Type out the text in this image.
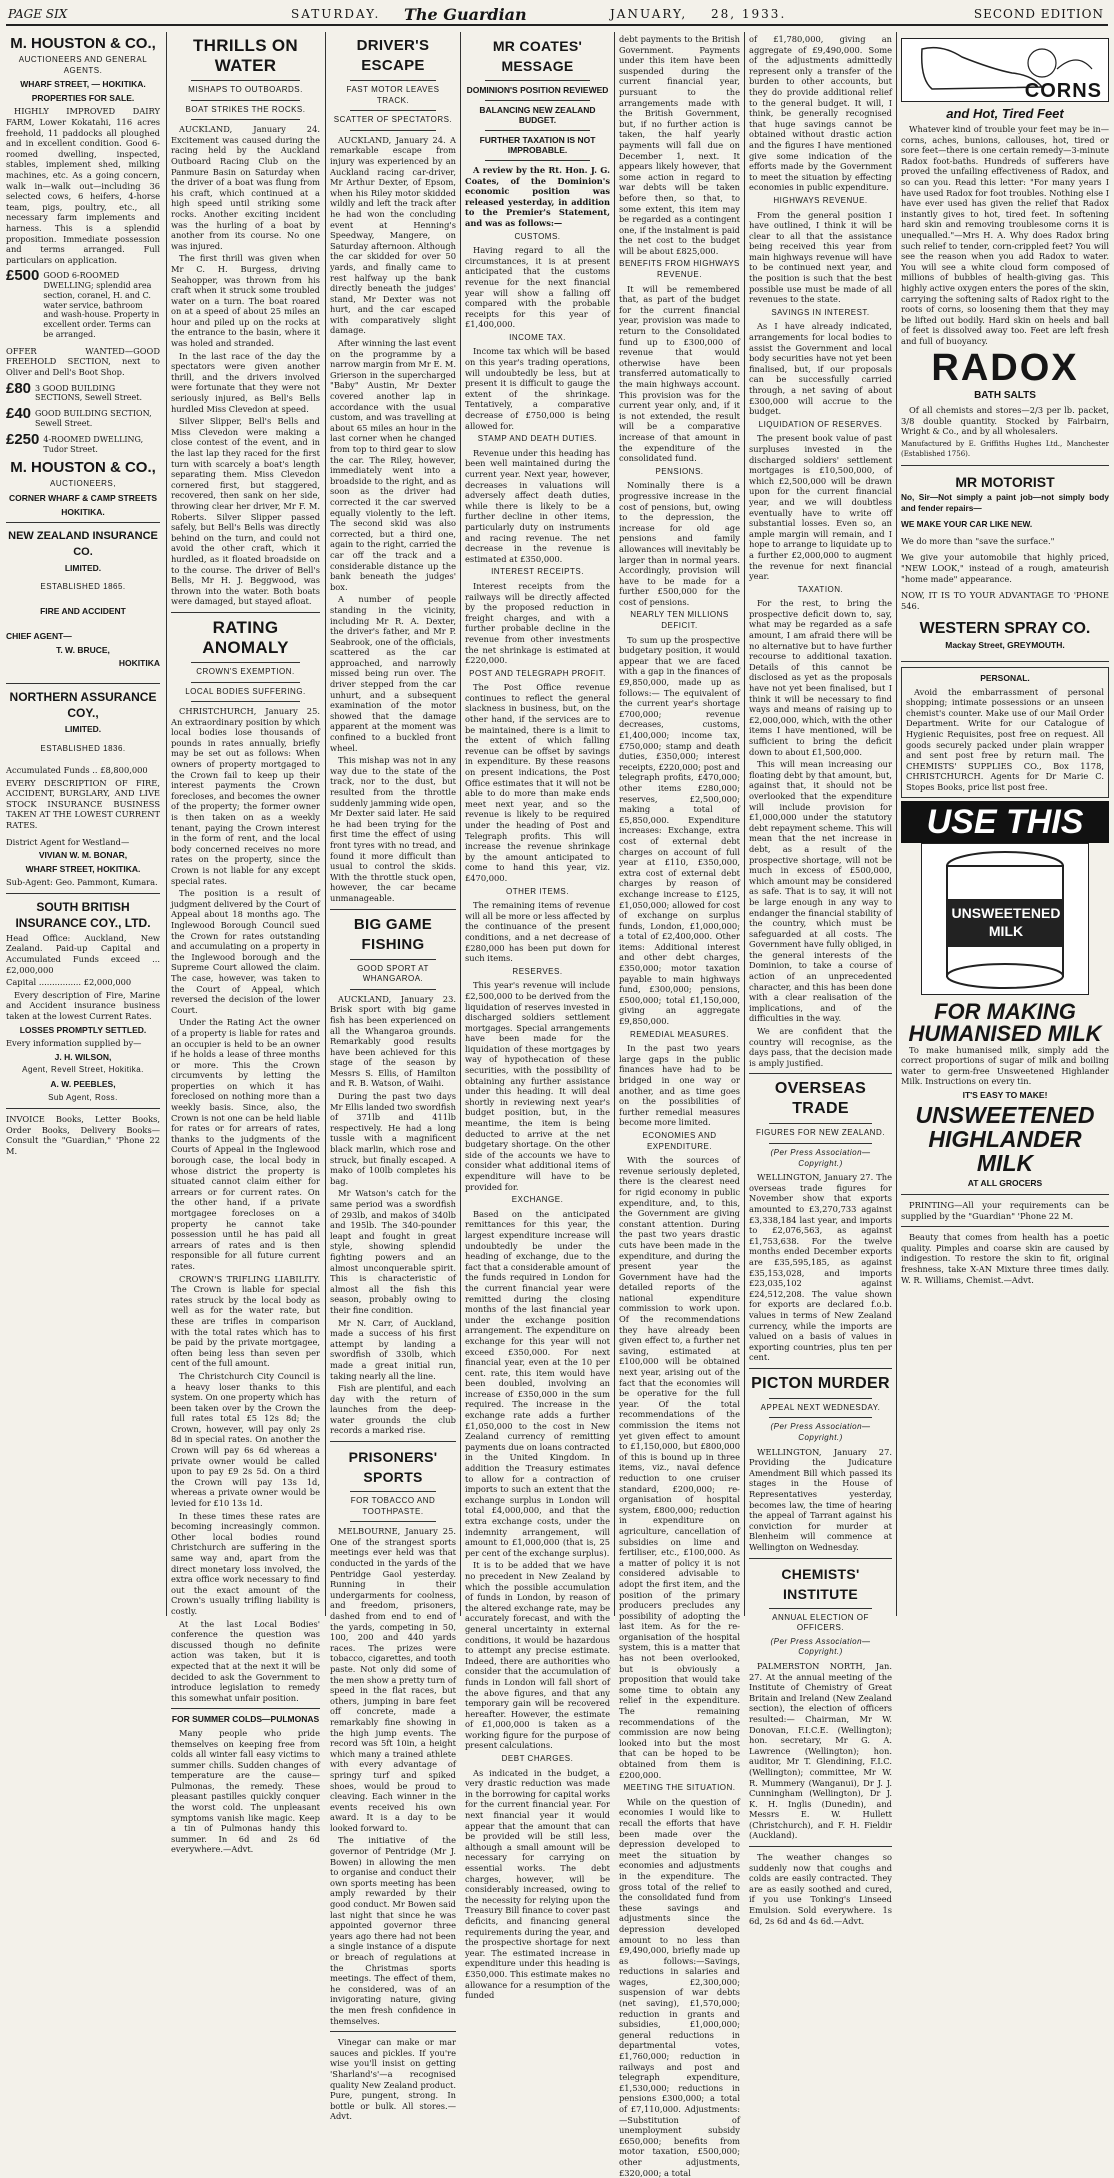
PAGE SIX	SATURDAY. The Guardian	JANUARY, 28, 1933.	SECOND EDITION
M. HOUSTON & CO.,
AUCTIONEERS AND GENERAL AGENTS.
WHARF STREET, — HOKITIKA.
PROPERTIES FOR SALE.

HIGHLY IMPROVED DAIRY FARM, Lower Kokatahi, 116 acres freehold, 11 paddocks all ploughed and in excellent condition. Good 6-roomed dwelling, inspected, stables, implement shed, milking machines, etc. As a going concern, walk in—walk out—including 36 selected cows, 6 heifers, 4-horse team, pigs, poultry, etc., all necessary farm implements and harness. This is a splendid proposition. Immediate possession and terms arranged. Full particulars on application.

£500 GOOD 6-ROOMED DWELLING; splendid area section, coranel, H. and C. water service, bathroom and wash-house. Property in excellent order. Terms can be arranged.

OFFER WANTED—GOOD FREEHOLD SECTION, next to Oliver and Dell's Boot Shop.

£80 3 GOOD BUILDING SECTIONS, Sewell Street.
£40 GOOD BUILDING SECTION, Sewell Street.
£250 4-ROOMED DWELLING, Tudor Street.
M. HOUSTON & CO.,
AUCTIONEERS,
CORNER WHARF & CAMP STREETS
HOKITIKA.
NEW ZEALAND INSURANCE CO.
LIMITED.
ESTABLISHED 1865.
FIRE AND ACCIDENT
CHIEF AGENT—
T. W. BRUCE,
HOKITIKA
NORTHERN ASSURANCE COY.,
LIMITED.
ESTABLISHED 1836.

Accumulated Funds .. £8,800,000

EVERY DESCRIPTION OF FIRE, ACCIDENT, BURGLARY, AND LIVE STOCK INSURANCE BUSINESS TAKEN AT THE LOWEST CURRENT RATES.

District Agent for Westland—

VIVIAN W. M. BONAR,
WHARF STREET, HOKITIKA.

Sub-Agent: Geo. Pammont, Kumara.

SOUTH BRITISH INSURANCE COY., LTD.

Head Office: Auckland, New Zealand. Paid-up Capital and Accumulated Funds exceed ... £2,000,000

Capital ................ £2,000,000

Every description of Fire, Marine and Accident insurance business taken at the lowest Current Rates.

LOSSES PROMPTLY SETTLED.

Every information supplied by—

J. H. WILSON,
Agent, Revell Street, Hokitika.
A. W. PEEBLES,
Sub Agent, Ross.

INVOICE Books, Letter Books, Order Books, Delivery Books—Consult the "Guardian," 'Phone 22 M.

THRILLS ON WATER
MISHAPS TO OUTBOARDS.
BOAT STRIKES THE ROCKS.

AUCKLAND, January 24. Excitement was caused during the racing held by the Auckland Outboard Racing Club on the Panmure Basin on Saturday when the driver of a boat was flung from his craft, which continued at a high speed until striking some rocks. Another exciting incident was the hurling of a boat by another from its course. No one was injured.

The first thrill was given when Mr C. H. Burgess, driving Seahopper, was thrown from his craft when it struck some troubled water on a turn. The boat roared on at a speed of about 25 miles an hour and piled up on the rocks at the entrance to the basin, where it was holed and stranded.

In the last race of the day the spectators were given another thrill, and the drivers involved were fortunate that they were not seriously injured, as Bell's Bells hurdled Miss Clevedon at speed.

Silver Slipper, Bell's Bells and Miss Clevedon were making a close contest of the event, and in the last lap they raced for the first turn with scarcely a boat's length separating them. Miss Clevedon cornered first, but staggered, recovered, then sank on her side, throwing clear her driver, Mr F. M. Roberts. Silver Slipper passed safely, but Bell's Bells was directly behind on the turn, and could not avoid the other craft, which it hurdled, as it floated broadside on to the course. The driver of Bell's Bells, Mr H. J. Beggwood, was thrown into the water. Both boats were damaged, but stayed afloat.

RATING ANOMALY
CROWN'S EXEMPTION.
LOCAL BODIES SUFFERING.

CHRISTCHURCH, January 25. An extraordinary position by which local bodies lose thousands of pounds in rates annually, briefly may be set out as follows: When owners of property mortgaged to the Crown fail to keep up their interest payments the Crown forecloses, and becomes the owner of the property; the former owner is then taken on as a weekly tenant, paying the Crown interest in the form of rent, and the local body concerned receives no more rates on the property, since the Crown is not liable for any except special rates.

The position is a result of judgment delivered by the Court of Appeal about 18 months ago. The Inglewood Borough Council sued the Crown for rates outstanding and accumulating on a property in the Inglewood borough and the Supreme Court allowed the claim. The case, however, was taken to the Court of Appeal, which reversed the decision of the lower Court.

Under the Rating Act the owner of a property is liable for rates and an occupier is held to be an owner if he holds a lease of three months or more. This the Crown circumvents by letting the properties on which it has foreclosed on nothing more than a weekly basis. Since, also, the Crown is not one can be held liable for rates or for arrears of rates, thanks to the judgments of the Courts of Appeal in the Inglewood borough case, the local body in whose district the property is situated cannot claim either for arrears or for current rates. On the other hand, if a private mortgagee forecloses on a property he cannot take possession until he has paid all arrears of rates and is then responsible for all future current rates.

CROWN'S TRIFLING LIABILITY. The Crown is liable for special rates struck by the local body as well as for the water rate, but these are trifles in comparison with the total rates which has to be paid by the private mortgagee, often being less than seven per cent of the full amount.

The Christchurch City Council is a heavy loser thanks to this system. On one property which has been taken over by the Crown the full rates total £5 12s 8d; the Crown, however, will pay only 2s 8d in special rates. On another the Crown will pay 6s 6d whereas a private owner would be called upon to pay £9 2s 5d. On a third the Crown will pay 13s 1d, whereas a private owner would be levied for £10 13s 1d.

In these times these rates are becoming increasingly common. Other local bodies round Christchurch are suffering in the same way and, apart from the direct monetary loss involved, the extra office work necessary to find out the exact amount of the Crown's usually trifling liability is costly.

At the last Local Bodies' conference the question was discussed though no definite action was taken, but it is expected that at the next it will be decided to ask the Government to introduce legislation to remedy this somewhat unfair position.

FOR SUMMER COLDS—PULMONAS

Many people who pride themselves on keeping free from colds all winter fall easy victims to summer chills. Sudden changes of temperature are the cause—Pulmonas, the remedy. These pleasant pastilles quickly conquer the worst cold. The unpleasant symptoms vanish like magic. Keep a tin of Pulmonas handy this summer. In 6d and 2s 6d everywhere.—Advt.

DRIVER'S ESCAPE
FAST MOTOR LEAVES TRACK.
SCATTER OF SPECTATORS.

AUCKLAND, January 24. A remarkable escape from injury was experienced by an Auckland racing car-driver, Mr Arthur Dexter, of Epsom, when his Riley motor skidded wildly and left the track after he had won the concluding event at Henning's Speedway, Mangere, on Saturday afternoon. Although the car skidded for over 50 yards, and finally came to rest halfway up the bank directly beneath the judges' stand, Mr Dexter was not hurt, and the car escaped with comparatively slight damage.

After winning the last event on the programme by a narrow margin from Mr E. M. Grierson in the supercharged "Baby" Austin, Mr Dexter covered another lap in accordance with the usual custom, and was travelling at about 65 miles an hour in the last corner when he changed from top to third gear to slow the car. The Riley, however, immediately went into a broadside to the right, and as soon as the driver had corrected it the car swerved equally violently to the left. The second skid was also corrected, but a third one, again to the right, carried the car off the track and a considerable distance up the bank beneath the judges' box.

A number of people standing in the vicinity, including Mr R. A. Dexter, the driver's father, and Mr P. Seabrook, one of the officials, scattered as the car approached, and narrowly missed being run over. The driver stepped from the car unhurt, and a subsequent examination of the motor showed that the damage apparent at the moment was confined to a buckled front wheel.

This mishap was not in any way due to the state of the track, nor to the dust, but resulted from the throttle suddenly jamming wide open, Mr Dexter said later. He said he had been trying for the first time the effect of using front tyres with no tread, and found it more difficult than usual to control the skids. With the throttle stuck open, however, the car became unmanageable.

BIG GAME FISHING
GOOD SPORT AT WHANGAROA.

AUCKLAND, January 23. Brisk sport with big game fish has been experienced on all the Whangaroa grounds. Remarkably good results have been achieved for this stage of the season by Messrs S. Ellis, of Hamilton and R. B. Watson, of Waihi.

During the past two days Mr Ellis landed two swordfish of 371lb and 411lb respectively. He had a long tussle with a magnificent black marlin, which rose and struck, but finally escaped. A mako of 100lb completes his bag.

Mr Watson's catch for the same period was a swordfish of 293lb, and makos of 340lb and 195lb. The 340-pounder leapt and fought in great style, showing splendid fighting powers and an almost unconquerable spirit. This is characteristic of almost all the fish this season, probably owing to their fine condition.

Mr N. Carr, of Auckland, made a success of his first attempt by landing a swordfish of 330lb, which made a great initial run, taking nearly all the line.

Fish are plentiful, and each day with the return of launches from the deep-water grounds the club records a marked rise.

PRISONERS' SPORTS
FOR TOBACCO AND TOOTHPASTE.

MELBOURNE, January 25. One of the strangest sports meetings ever held was that conducted in the yards of the Pentridge Gaol yesterday. Running in their undergarments for coolness, and freedom, prisoners, dashed from end to end of the yards, competing in 50, 100, 200 and 440 yards races. The prizes were tobacco, cigarettes, and tooth paste. Not only did some of the men show a pretty turn of speed in the flat races, but others, jumping in bare feet off concrete, made a remarkably fine showing in the high jump events. The record was 5ft 10in, a height which many a trained athlete with every advantage of springy turf and spiked shoes, would be proud to cleaving. Each winner in the events received his own award. It is a day to be looked forward to.

The initiative of the governor of Pentridge (Mr J. Bowen) in allowing the men to organise and conduct their own sports meeting has been amply rewarded by their good conduct. Mr Bowen said last night that since he was appointed governor three years ago there had not been a single instance of a dispute or breach of regulations at the Christmas sports meetings. The effect of them, he considered, was of an invigorating nature, giving the men fresh confidence in themselves.

Vinegar can make or mar sauces and pickles. If you're wise you'll insist on getting 'Sharland's'—a recognised quality New Zealand product. Pure, pungent, strong. In bottle or bulk. All stores.—Advt.

MR COATES' MESSAGE
DOMINION'S POSITION REVIEWED
BALANCING NEW ZEALAND BUDGET.
FURTHER TAXATION IS NOT IMPROBABLE.

A review by the Rt. Hon. J. G. Coates, of the Dominion's economic position was released yesterday, in addition to the Premier's Statement, and was as follows:—

CUSTOMS.

Having regard to all the circumstances, it is at present anticipated that the customs revenue for the next financial year will show a falling off compared with the probable receipts for this year of £1,400,000.

INCOME TAX.

Income tax which will be based on this year's trading operations, will undoubtedly be less, but at present it is difficult to gauge the extent of the shrinkage. Tentatively, a comparative decrease of £750,000 is being allowed for.

STAMP AND DEATH DUTIES.

Revenue under this heading has been well maintained during the current year. Next year, however, decreases in valuations will adversely affect death duties, while there is likely to be a further decline in other items, particularly duty on instruments and racing revenue. The net decrease in the revenue is estimated at £350,000.

INTEREST RECEIPTS.

Interest receipts from the railways will be directly affected by the proposed reduction in freight charges, and with a further probable decline in the revenue from other investments the net shrinkage is estimated at £220,000.

POST AND TELEGRAPH PROFIT.

The Post Office revenue continues to reflect the general slackness in business, but, on the other hand, if the services are to be maintained, there is a limit to the extent of which falling revenue can be offset by savings in expenditure. By these reasons on present indications, the Post Office estimates that it will not be able to do more than make ends meet next year, and so the revenue is likely to be required under the heading of Post and Telegraph profits. This will increase the revenue shrinkage by the amount anticipated to come to hand this year, viz. £470,000.

OTHER ITEMS.

The remaining items of revenue will all be more or less affected by the continuance of the present conditions, and a net decrease of £280,000 has been put down for such items.

RESERVES.

This year's revenue will include £2,500,000 to be derived from the liquidation of reserves invested in discharged soldiers settlement mortgages. Special arrangements have been made for the liquidation of these mortgages by way of hypothecation of these securities, with the possibility of obtaining any further assistance under this heading. It will deal shortly in reviewing next year's budget position, but, in the meantime, the item is being deducted to arrive at the net budgetary shortage. On the other side of the accounts we have to consider what additional items of expenditure will have to be provided for.

EXCHANGE.

Based on the anticipated remittances for this year, the largest expenditure increase will undoubtedly be under the heading of exchange, due to the fact that a considerable amount of the funds required in London for the current financial year were remitted during the closing months of the last financial year under the exchange position arrangement. The expenditure on exchange for this year will not exceed £350,000. For next financial year, even at the 10 per cent. rate, this item would have been doubled, involving an increase of £350,000 in the sum required. The increase in the exchange rate adds a further £1,050,000 to the cost in New Zealand currency of remitting payments due on loans contracted in the United Kingdom. In addition the Treasury estimates to allow for a contraction of imports to such an extent that the exchange surplus in London will total £4,000,000, and that the extra exchange costs, under the indemnity arrangement, will amount to £1,000,000 (that is, 25 per cent of the exchange surplus).

It is to be added that we have no precedent in New Zealand by which the possible accumulation of funds in London, by reason of the altered exchange rate, may be accurately forecast, and with the general uncertainty in external conditions, it would be hazardous to attempt any precise estimate. Indeed, there are authorities who consider that the accumulation of funds in London will fall short of the above figures, and that any temporary gain will be recovered hereafter. However, the estimate of £1,000,000 is taken as a working figure for the purpose of present calculations.

DEBT CHARGES.

As indicated in the budget, a very drastic reduction was made in the borrowing for capital works for the current financial year. For next financial year it would appear that the amount that can be provided will be still less, although a small amount will be necessary for carrying on essential works. The debt charges, however, will be considerably increased, owing to the necessity for relying upon the Treasury Bill finance to cover past deficits, and financing general requirements during the year, and the prospective shortage for next year. The estimated increase in expenditure under this heading is £350,000. This estimate makes no allowance for a resumption of the funded

debt payments to the British Government. Payments under this item have been suspended during the current financial year, pursuant to the arrangements made with the British Government, but, if no further action is taken, the half yearly payments will fall due on December 1, next. It appears likely however, that some action in regard to war debts will be taken before then, so that, to some extent, this item may be regarded as a contingent one, if the instalment is paid the net cost to the budget will be about £825,000.

BENEFITS FROM HIGHWAYS REVENUE.

It will be remembered that, as part of the budget for the current financial year, provision was made to return to the Consolidated fund up to £300,000 of revenue that would otherwise have been transferred automatically to the main highways account. This provision was for the current year only, and, if it is not extended, the result will be a comparative increase of that amount in the expenditure of the consolidated fund.

PENSIONS.

Nominally there is a progressive increase in the cost of pensions, but, owing to the depression, the increase for old age pensions and family allowances will inevitably be larger than in normal years. Accordingly, provision will have to be made for a further £500,000 for the cost of pensions.

NEARLY TEN MILLIONS DEFICIT.

To sum up the prospective budgetary position, it would appear that we are faced with a gap in the finances of £9,850,000, made up as follows:— The equivalent of the current year's shortage £700,000; revenue decreases, customs, £1,400,000; income tax, £750,000; stamp and death duties, £350,000; interest receipts, £220,000; post and telegraph profits, £470,000; other items £280,000; reserves, £2,500,000; making a total of £5,850,000. Expenditure increases: Exchange, extra cost of external debt charges on account of full year at £110, £350,000, extra cost of external debt charges by reason of exchange increase to £125, £1,050,000; allowed for cost of exchange on surplus funds, London, £1,000,000; a total of £2,400,000. Other items: Additional interest and other debt charges, £350,000; motor taxation payable to main highways fund, £300,000; pensions, £500,000; total £1,150,000, giving an aggregate £9,850,000.

REMEDIAL MEASURES.

In the past two years large gaps in the public finances have had to be bridged in one way or another, and as time goes on the possibilities of further remedial measures become more limited.

ECONOMIES AND EXPENDITURE.

With the sources of revenue seriously depleted, there is the clearest need for rigid economy in public expenditure, and, to this, the Government are giving constant attention. During the past two years drastic cuts have been made in the expenditure, and during the present year the Government have had the detailed reports of the national expenditure commission to work upon. Of the recommendations they have already been given effect to, a further net saving, estimated at £100,000 will be obtained next year, arising out of the fact that the economies will be operative for the full year. Of the total recommendations of the commission the items not yet given effect to amount to £1,150,000, but £800,000 of this is bound up in three items, viz., naval defence reduction to one cruiser standard, £200,000; re-organisation of hospital system, £800,000; reduction in expenditure on agriculture, cancellation of subsidies on lime and fertiliser, etc., £100,000. As a matter of policy it is not considered advisable to adopt the first item, and the position of the primary producers precludes any possibility of adopting the last item. As for the re-organisation of the hospital system, this is a matter that has not been overlooked, but is obviously a proposition that would take some time to obtain any relief in the expenditure. The remaining recommendations of the commission are now being looked into but the most that can be hoped to be obtained from them is £200,000.

MEETING THE SITUATION.

While on the question of economies I would like to recall the efforts that have been made over the depression developed to meet the situation by economies and adjustments in the expenditure. The gross total of the relief to the consolidated fund from these savings and adjustments since the depression developed amount to no less than £9,490,000, briefly made up as follows:—Savings, reductions in salaries and wages, £2,300,000; suspension of war debts (net saving), £1,570,000; reduction in grants and subsidies, £1,000,000; general reductions in departmental votes, £1,760,000; reduction in railways and post and telegraph expenditure, £1,530,000; reductions in pensions £300,000; a total of £7,110,000. Adjustments:—Substitution of unemployment subsidy £650,000; benefits from motor taxation, £500,000; other adjustments, £320,000; a total

of £1,780,000, giving an aggregate of £9,490,000. Some of the adjustments admittedly represent only a transfer of the burden to other accounts, but they do provide additional relief to the general budget. It will, I think, be generally recognised that huge savings cannot be obtained without drastic action and the figures I have mentioned give some indication of the efforts made by the Government to meet the situation by effecting economies in public expenditure.

HIGHWAYS REVENUE.

From the general position I have outlined, I think it will be clear to all that the assistance being received this year from main highways revenue will have to be continued next year, and the position is such that the best possible use must be made of all revenues to the state.

SAVINGS IN INTEREST.

As I have already indicated, arrangements for local bodies to assist the Government and local body securities have not yet been finalised, but, if our proposals can be successfully carried through, a net saving of about £300,000 will accrue to the budget.

LIQUIDATION OF RESERVES.

The present book value of past surpluses invested in the discharged soldiers' settlement mortgages is £10,500,000, of which £2,500,000 will be drawn upon for the current financial year, and we will doubtless eventually have to write off substantial losses. Even so, an ample margin will remain, and I hope to arrange to liquidate up to a further £2,000,000 to augment the revenue for next financial year.

TAXATION.

For the rest, to bring the prospective deficit down to, say, what may be regarded as a safe amount, I am afraid there will be no alternative but to have further recourse to additional taxation. Details of this cannot be disclosed as yet as the proposals have not yet been finalised, but I think it will be necessary to find ways and means of raising up to £2,000,000, which, with the other items I have mentioned, will be sufficient to bring the deficit down to about £1,500,000.

This will mean increasing our floating debt by that amount, but, against that, it should not be overlooked that the expenditure will include provision for £1,000,000 under the statutory debt repayment scheme. This will mean that the net increase in debt, as a result of the prospective shortage, will not be much in excess of £500,000, which amount may be considered as safe. That is to say, it will not be large enough in any way to endanger the financial stability of the country, which must be safeguarded at all costs. The Government have fully obliged, in the general interests of the Dominion, to take a course of action of an unprecedented character, and this has been done with a clear realisation of the implications, and of the difficulties in the way.

We are confident that the country will recognise, as the days pass, that the decision made is amply justified.

OVERSEAS TRADE
FIGURES FOR NEW ZEALAND.
(Per Press Association—Copyright.)

WELLINGTON, January 27. The overseas trade figures for November show that exports amounted to £3,270,733 against £3,338,184 last year, and imports to £2,076,563, as against £1,753,638. For the twelve months ended December exports are £35,595,185, as against £35,153,028, and imports £23,035,102 against £24,512,208. The value shown for exports are declared f.o.b. values in terms of New Zealand currency, while the imports are valued on a basis of values in exporting countries, plus ten per cent.

PICTON MURDER
APPEAL NEXT WEDNESDAY.
(Per Press Association—Copyright.)

WELLINGTON, January 27. Providing the Judicature Amendment Bill which passed its stages in the House of Representatives yesterday, becomes law, the time of hearing the appeal of Tarrant against his conviction for murder at Blenheim will commence at Wellington on Wednesday.

CHEMISTS' INSTITUTE
ANNUAL ELECTION OF OFFICERS.
(Per Press Association—Copyright.)

PALMERSTON NORTH, Jan. 27. At the annual meeting of the Institute of Chemistry of Great Britain and Ireland (New Zealand section), the election of officers resulted:— Chairman, Mr W. Donovan, F.I.C.E. (Wellington); hon. secretary, Mr G. A. Lawrence (Wellington); hon. auditor, Mr T. Glendining, F.I.C. (Wellington); committee, Mr W. R. Mummery (Wanganui), Dr J. J. Cunningham (Wellington), Dr J. K. H. Inglis (Dunedin), and Messrs E. W. Hullett (Christchurch), and F. H. Fieldir (Auckland).

The weather changes so suddenly now that coughs and colds are easily contracted. They are as easily soothed and cured, if you use Tonking's Linseed Emulsion. Sold everywhere. 1s 6d, 2s 6d and 4s 6d.—Advt.

CORNS
and Hot, Tired Feet

Whatever kind of trouble your feet may be in—corns, aches, bunions, callouses, hot, tired or sore feet—there is one certain remedy—3-minute Radox foot-baths. Hundreds of sufferers have proved the unfailing effectiveness of Radox, and so can you. Read this letter: "For many years I have used Radox for foot troubles. Nothing else I have ever used has given the relief that Radox instantly gives to hot, tired feet. In softening hard skin and removing troublesome corns it is unequalled."—Mrs H. A. Why does Radox bring such relief to tender, corn-crippled feet? You will see the reason when you add Radox to water. You will see a white cloud form composed of millions of bubbles of health-giving gas. This highly active oxygen enters the pores of the skin, carrying the softening salts of Radox right to the roots of corns, so loosening them that they may be lifted out bodily. Hard skin on heels and ball of feet is dissolved away too. Feet are left fresh and full of buoyancy.

RADOX
BATH SALTS

Of all chemists and stores—2/3 per lb. packet, 3/8 double quantity. Stocked by Fairbairn, Wright & Co., and by all wholesalers.

Manufactured by E. Griffiths Hughes Ltd., Manchester (Established 1756).

MR MOTORIST

No, Sir—Not simply a paint job—not simply body and fender repairs—

WE MAKE YOUR CAR LIKE NEW.

We do more than "save the surface."

We give your automobile that highly priced, "NEW LOOK," instead of a rough, amateurish "home made" appearance.

NOW, IT IS TO YOUR ADVANTAGE TO 'PHONE 546.

WESTERN SPRAY CO.
Mackay Street, GREYMOUTH.
PERSONAL.

Avoid the embarrassment of personal shopping; intimate possessions or an unseen chemist's counter. Make use of our Mail Order Department. Write for our Catalogue of Hygienic Requisites, post free on request. All goods securely packed under plain wrapper and sent post free by return mail. The CHEMISTS' SUPPLIES CO., Box 1178, CHRISTCHURCH. Agents for Dr Marie C. Stopes Books, price list post free.

USE THIS
UNSWEETENED MILK
FOR MAKING HUMANISED MILK

To make humanised milk, simply add the correct proportions of sugar of milk and boiling water to germ-free Unsweetened Highlander Milk. Instructions on every tin.

IT'S EASY TO MAKE!
UNSWEETENED HIGHLANDER MILK
AT ALL GROCERS

PRINTING—All your requirements can be supplied by the "Guardian" 'Phone 22 M.

Beauty that comes from health has a poetic quality. Pimples and coarse skin are caused by indigestion. To restore the skin to fit, original freshness, take X-AN Mixture three times daily. W. R. Williams, Chemist.—Advt.
